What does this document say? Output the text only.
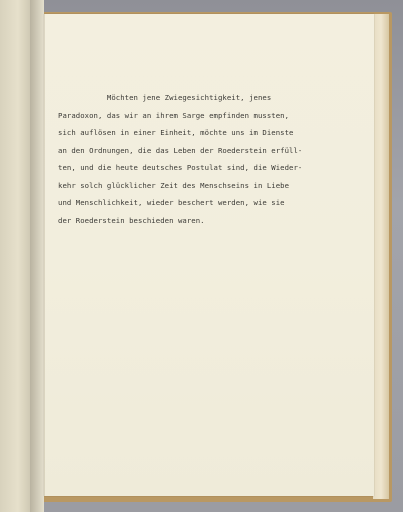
Möchten jene Zwiegesichtigkeit, jenes
Paradoxon, das wir an ihrem Sarge empfinden mussten,
sich auflösen in einer Einheit, möchte uns im Dienste
an den Ordnungen, die das Leben der Roederstein erfüll-
ten, und die heute deutsches Postulat sind, die Wieder-
kehr solch glücklicher Zeit des Menschseins in Liebe
und Menschlichkeit, wieder beschert werden, wie sie
der Roederstein beschieden waren.
